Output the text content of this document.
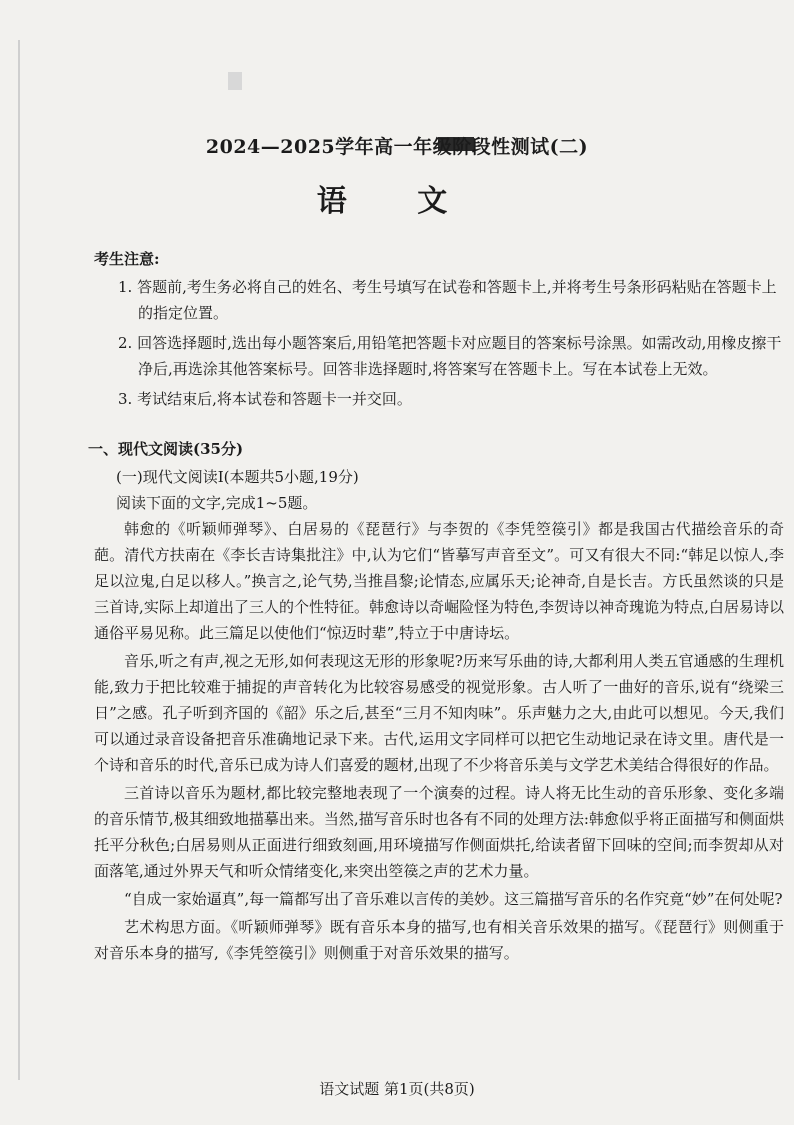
2024—2025学年高一年级阶段性测试(二)
语 文

考生注意:

1. 答题前,考生务必将自己的姓名、考生号填写在试卷和答题卡上,并将考生号条形码粘贴在答题卡上的指定位置。
2. 回答选择题时,选出每小题答案后,用铅笔把答题卡对应题目的答案标号涂黑。如需改动,用橡皮擦干净后,再选涂其他答案标号。回答非选择题时,将答案写在答题卡上。写在本试卷上无效。
3. 考试结束后,将本试卷和答题卡一并交回。

一、现代文阅读(35分)

(一)现代文阅读Ⅰ(本题共5小题,19分)

阅读下面的文字,完成1~5题。

韩愈的《听颖师弹琴》、白居易的《琵琶行》与李贺的《李凭箜篌引》都是我国古代描绘音乐的奇葩。清代方扶南在《李长吉诗集批注》中,认为它们“皆摹写声音至文”。可又有很大不同:“韩足以惊人,李足以泣鬼,白足以移人。”换言之,论气势,当推昌黎;论情态,应属乐天;论神奇,自是长吉。方氏虽然谈的只是三首诗,实际上却道出了三人的个性特征。韩愈诗以奇崛险怪为特色,李贺诗以神奇瑰诡为特点,白居易诗以通俗平易见称。此三篇足以使他们“惊迈时辈”,特立于中唐诗坛。

音乐,听之有声,视之无形,如何表现这无形的形象呢?历来写乐曲的诗,大都利用人类五官通感的生理机能,致力于把比较难于捕捉的声音转化为比较容易感受的视觉形象。古人听了一曲好的音乐,说有“绕梁三日”之感。孔子听到齐国的《韶》乐之后,甚至“三月不知肉味”。乐声魅力之大,由此可以想见。今天,我们可以通过录音设备把音乐准确地记录下来。古代,运用文字同样可以把它生动地记录在诗文里。唐代是一个诗和音乐的时代,音乐已成为诗人们喜爱的题材,出现了不少将音乐美与文学艺术美结合得很好的作品。

三首诗以音乐为题材,都比较完整地表现了一个演奏的过程。诗人将无比生动的音乐形象、变化多端的音乐情节,极其细致地描摹出来。当然,描写音乐时也各有不同的处理方法:韩愈似乎将正面描写和侧面烘托平分秋色;白居易则从正面进行细致刻画,用环境描写作侧面烘托,给读者留下回味的空间;而李贺却从对面落笔,通过外界天气和听众情绪变化,来突出箜篌之声的艺术力量。

“自成一家始逼真”,每一篇都写出了音乐难以言传的美妙。这三篇描写音乐的名作究竟“妙”在何处呢?

艺术构思方面。《听颖师弹琴》既有音乐本身的描写,也有相关音乐效果的描写。《琵琶行》则侧重于对音乐本身的描写,《李凭箜篌引》则侧重于对音乐效果的描写。

语文试题 第1页(共8页)
